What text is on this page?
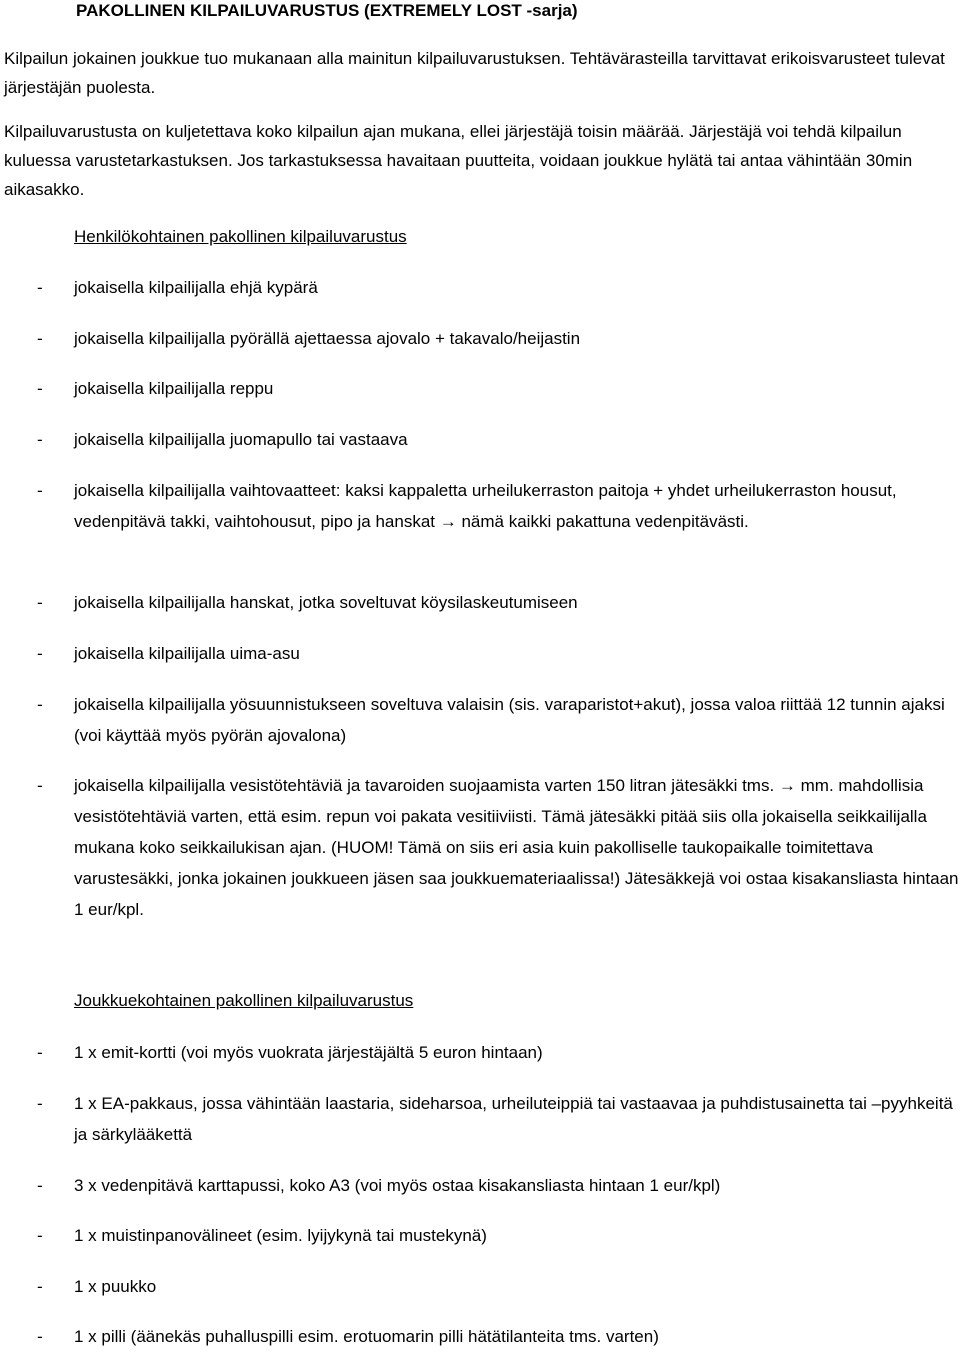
PAKOLLINEN KILPAILUVARUSTUS (EXTREMELY LOST -sarja)

Kilpailun jokainen joukkue tuo mukanaan alla mainitun kilpailuvarustuksen. Tehtävärasteilla tarvittavat erikoisvarusteet tulevat järjestäjän puolesta.

Kilpailuvarustusta on kuljetettava koko kilpailun ajan mukana, ellei järjestäjä toisin määrää. Järjestäjä voi tehdä kilpailun kuluessa varustetarkastuksen. Jos tarkastuksessa havaitaan puutteita, voidaan joukkue hylätä tai antaa vähintään 30min aikasakko.

Henkilökohtainen pakollinen kilpailuvarustus
- jokaisella kilpailijalla ehjä kypärä
- jokaisella kilpailijalla pyörällä ajettaessa ajovalo + takavalo/heijastin
- jokaisella kilpailijalla reppu
- jokaisella kilpailijalla juomapullo tai vastaava
- jokaisella kilpailijalla vaihtovaatteet: kaksi kappaletta urheilukerraston paitoja + yhdet urheilukerraston housut, vedenpitävä takki, vaihtohousut, pipo ja hanskat → nämä kaikki pakattuna vedenpitävästi.
- jokaisella kilpailijalla hanskat, jotka soveltuvat köysilaskeutumiseen
- jokaisella kilpailijalla uima-asu
- jokaisella kilpailijalla yösuunnistukseen soveltuva valaisin (sis. varaparistot+akut), jossa valoa riittää 12 tunnin ajaksi (voi käyttää myös pyörän ajovalona)
- jokaisella kilpailijalla vesistötehtäviä ja tavaroiden suojaamista varten 150 litran jätesäkki tms. → mm. mahdollisia vesistötehtäviä varten, että esim. repun voi pakata vesitiiviisti. Tämä jätesäkki pitää siis olla jokaisella seikkailijalla mukana koko seikkailukisan ajan. (HUOM! Tämä on siis eri asia kuin pakolliselle taukopaikalle toimitettava varustesäkki, jonka jokainen joukkueen jäsen saa joukkuemateriaalissa!) Jätesäkkejä voi ostaa kisakansliasta hintaan 1 eur/kpl.
Joukkuekohtainen pakollinen kilpailuvarustus
- 1 x emit-kortti (voi myös vuokrata järjestäjältä 5 euron hintaan)
- 1 x EA-pakkaus, jossa vähintään laastaria, sideharsoa, urheiluteippiä tai vastaavaa ja puhdistusainetta tai –pyyhkeitä ja särkylääkettä
- 3 x vedenpitävä karttapussi, koko A3 (voi myös ostaa kisakansliasta hintaan 1 eur/kpl)
- 1 x muistinpanovälineet (esim. lyijykynä tai mustekynä)
- 1 x puukko
- 1 x pilli (äänekäs puhalluspilli esim. erotuomarin pilli hätätilanteita tms. varten)
